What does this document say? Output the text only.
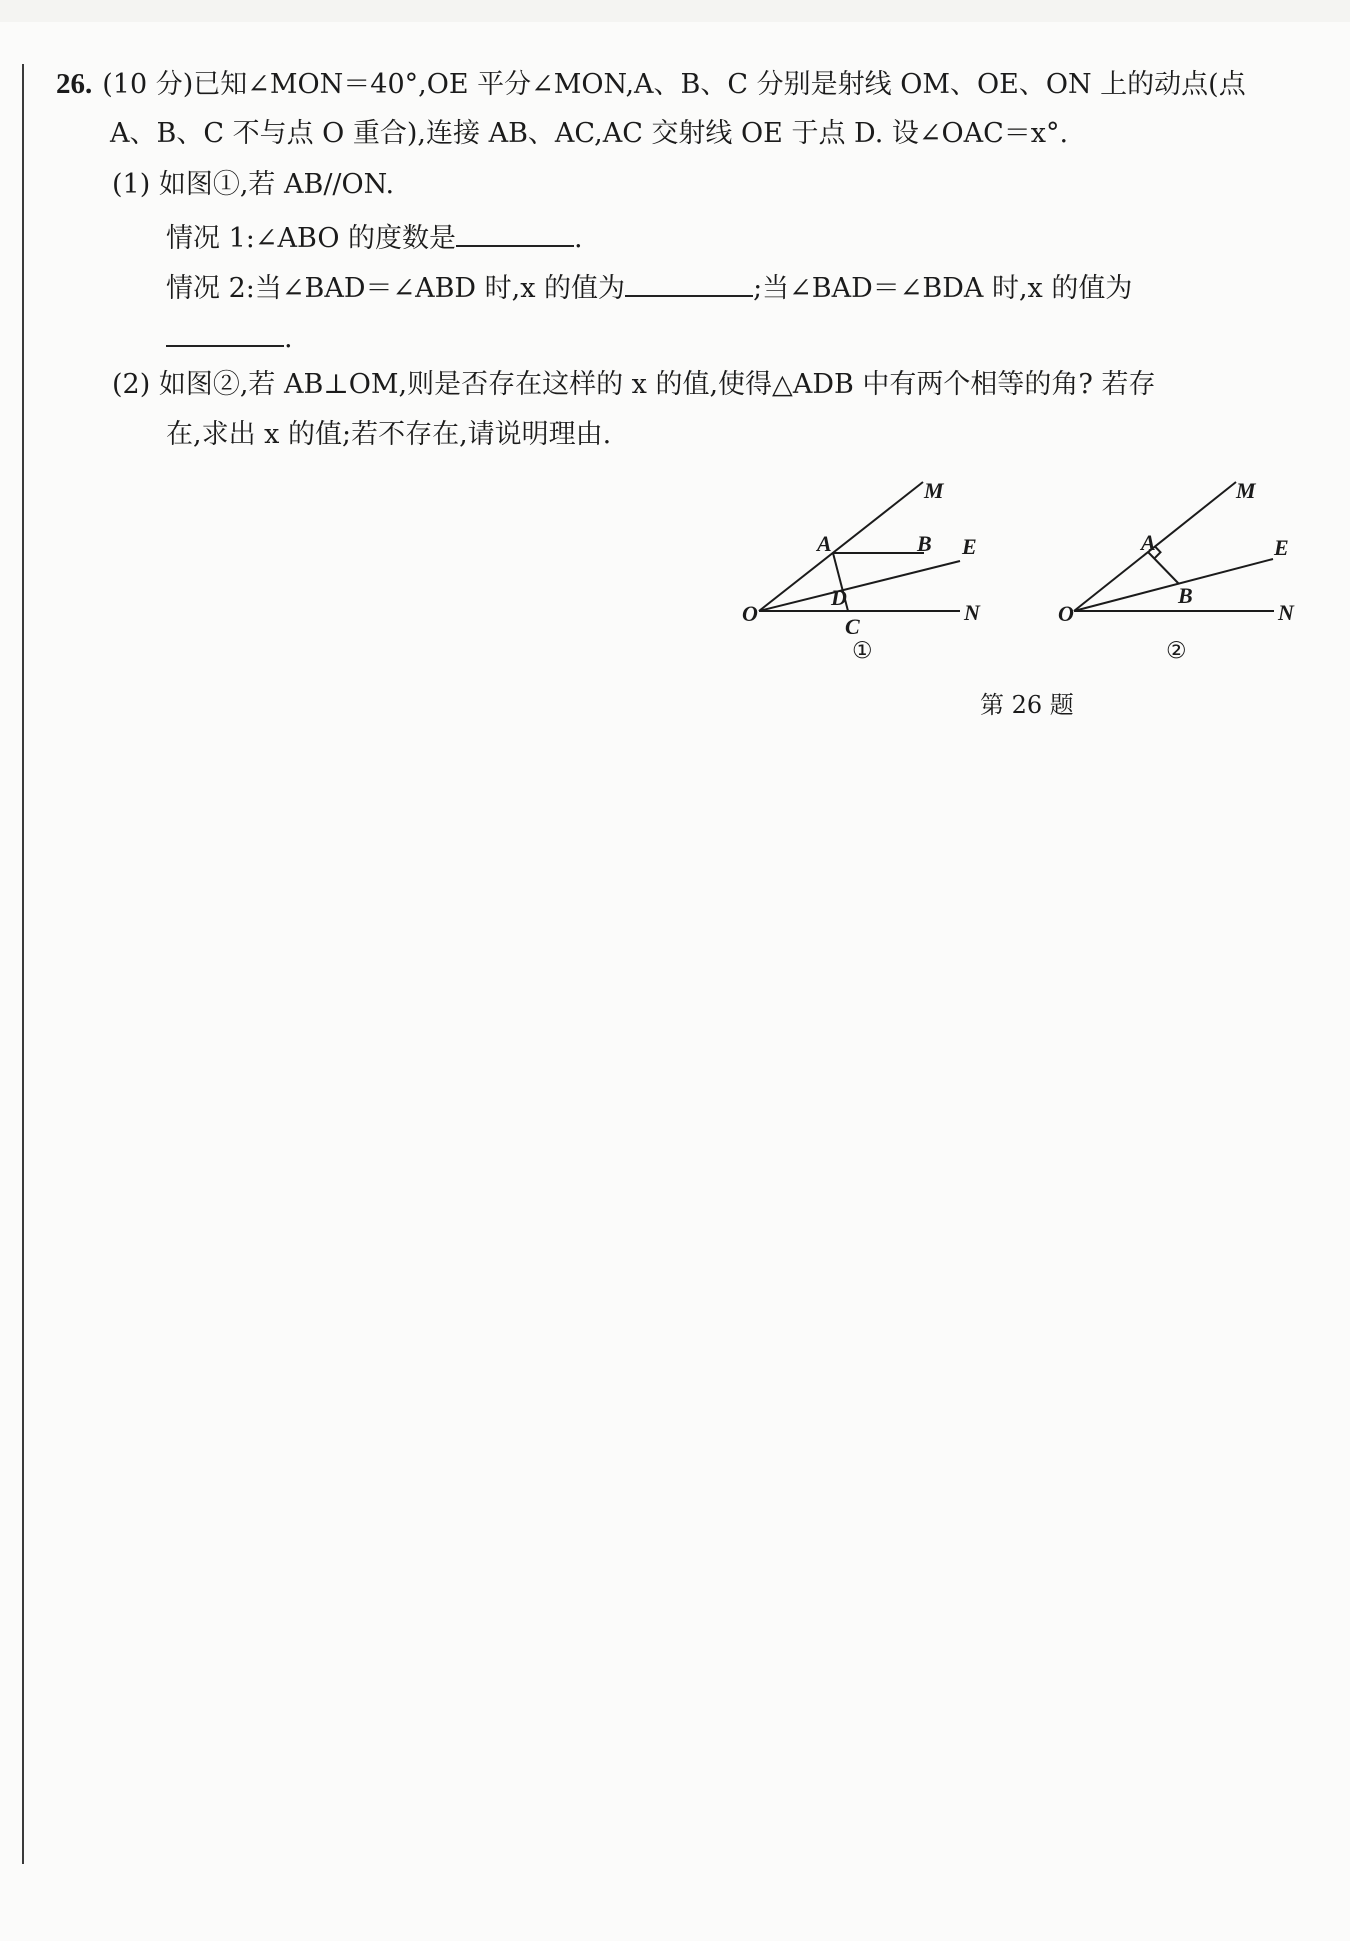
26. (10 分)已知∠MON＝40°,OE 平分∠MON,A、B、C 分别是射线 OM、OE、ON 上的动点(点
A、B、C 不与点 O 重合),连接 AB、AC,AC 交射线 OE 于点 D. 设∠OAC＝x°.
(1) 如图①,若 AB//ON.
情况 1:∠ABO 的度数是	.
情况 2:当∠BAD＝∠ABD 时,x 的值为	;当∠BAD＝∠BDA 时,x 的值为
.
(2) 如图②,若 AB⊥OM,则是否存在这样的 x 的值,使得△ADB 中有两个相等的角? 若存
在,求出 x 的值;若不存在,请说明理由.
O
A	B E
D
C
M
N
①
A
B
E
O
M
N
②
第 26 题
